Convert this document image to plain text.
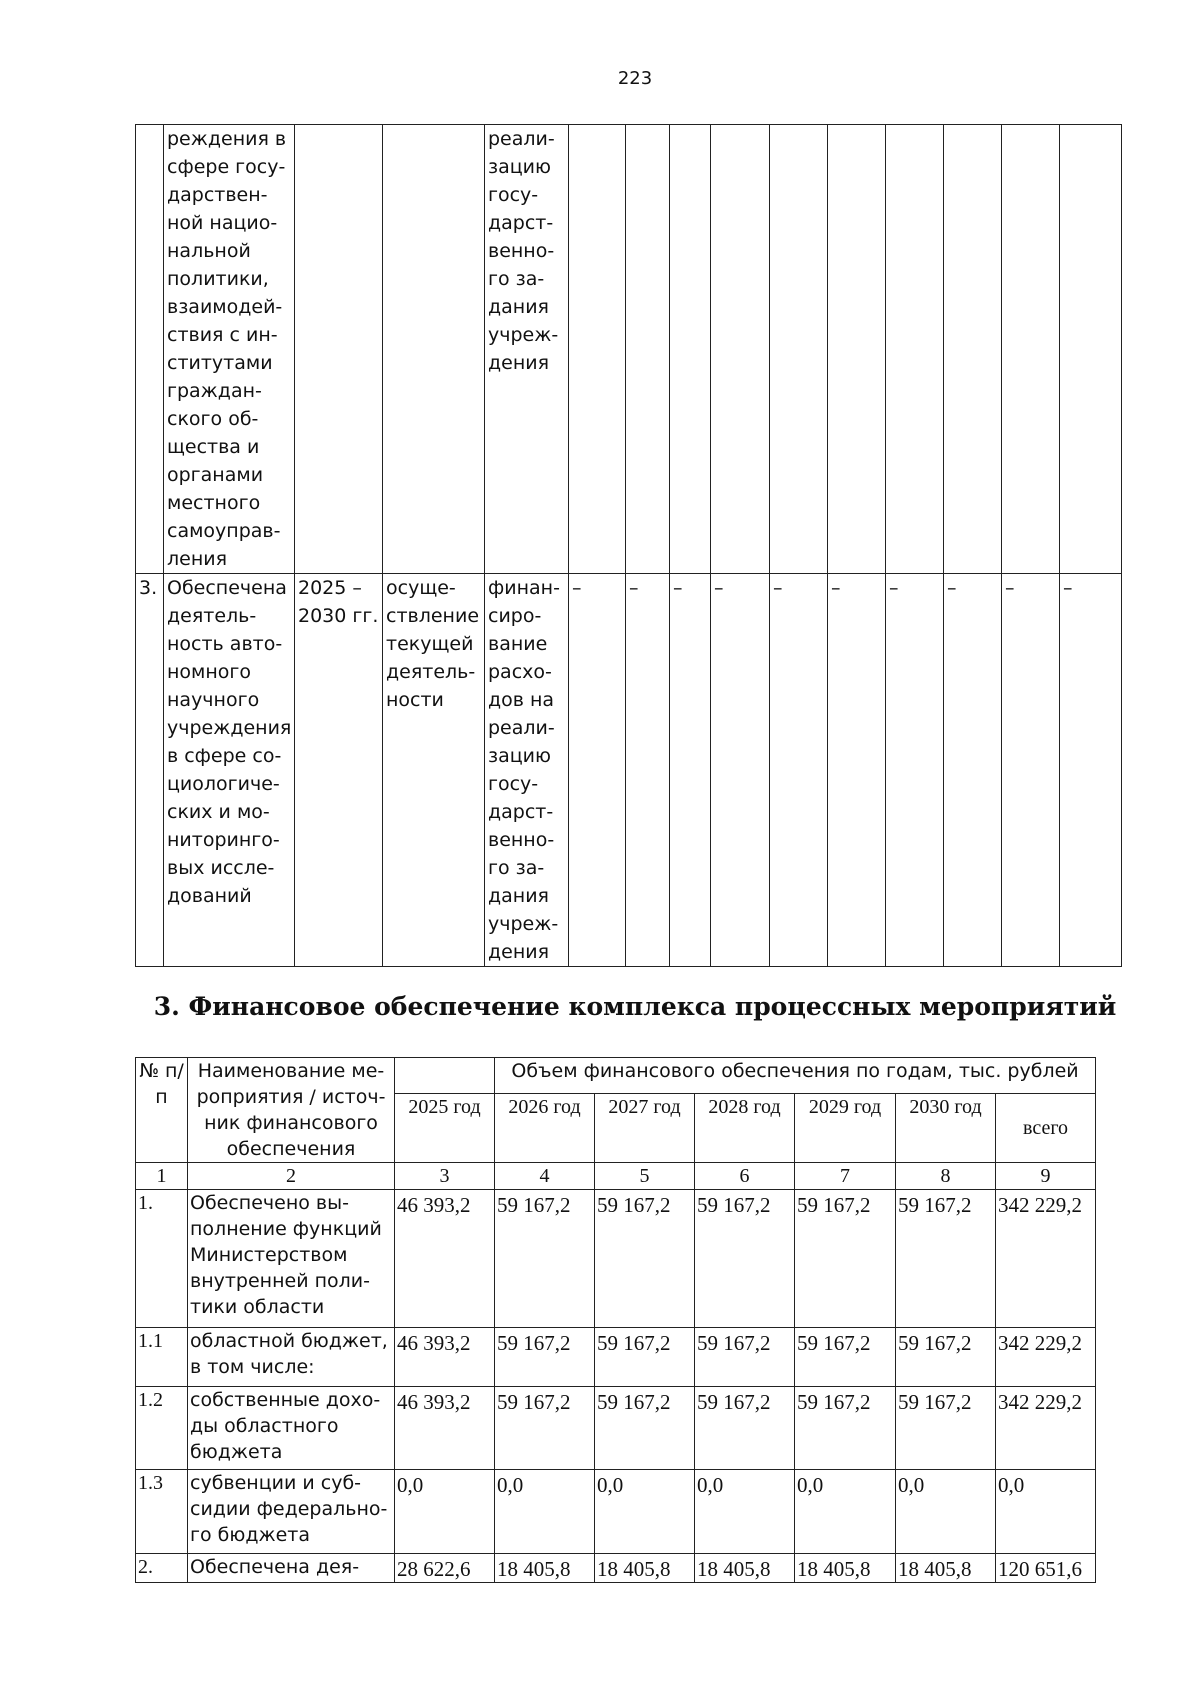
223
	реждения в сфере госу-дарствен-ной нацио-нальной политики, взаимодей-ствия с ин-ститутами граждан-ского об-щества и органами местного самоуправ-ления			реали-зацию госу-дарст-венно-го за-дания учреж-дения										
3.	Обеспечена деятель-ность авто-номного научного учреждения в сфере со-циологиче-ских и мо-ниторинго-вых иссле-дований	2025 – 2030 гг.	осуще-ствление текущей деятель-ности	финан-сиро-вание расхо-дов на реали-зацию госу-дарст-венно-го за-дания учреж-дения	–	–	–	–	–	–	–	–	–	–
3. Финансовое обеспечение комплекса процессных мероприятий
№ п/п	Наименование ме-роприятия / источ-ник финансового обеспечения		Объем финансового обеспечения по годам, тыс. рублей					
		2025 год	2026 год	2027 год	2028 год	2029 год	2030 год	всего
1	2	3	4	5	6	7	8	9
1.	Обеспечено вы-полнение функций Министерством внутренней поли-тики области	46 393,2	59 167,2	59 167,2	59 167,2	59 167,2	59 167,2	342 229,2
1.1	областной бюджет, в том числе:	46 393,2	59 167,2	59 167,2	59 167,2	59 167,2	59 167,2	342 229,2
1.2	собственные дохо-ды областного бюджета	46 393,2	59 167,2	59 167,2	59 167,2	59 167,2	59 167,2	342 229,2
1.3	субвенции и суб-сидии федерально-го бюджета	0,0	0,0	0,0	0,0	0,0	0,0	0,0
2.	Обеспечена дея-	28 622,6	18 405,8	18 405,8	18 405,8	18 405,8	18 405,8	120 651,6
